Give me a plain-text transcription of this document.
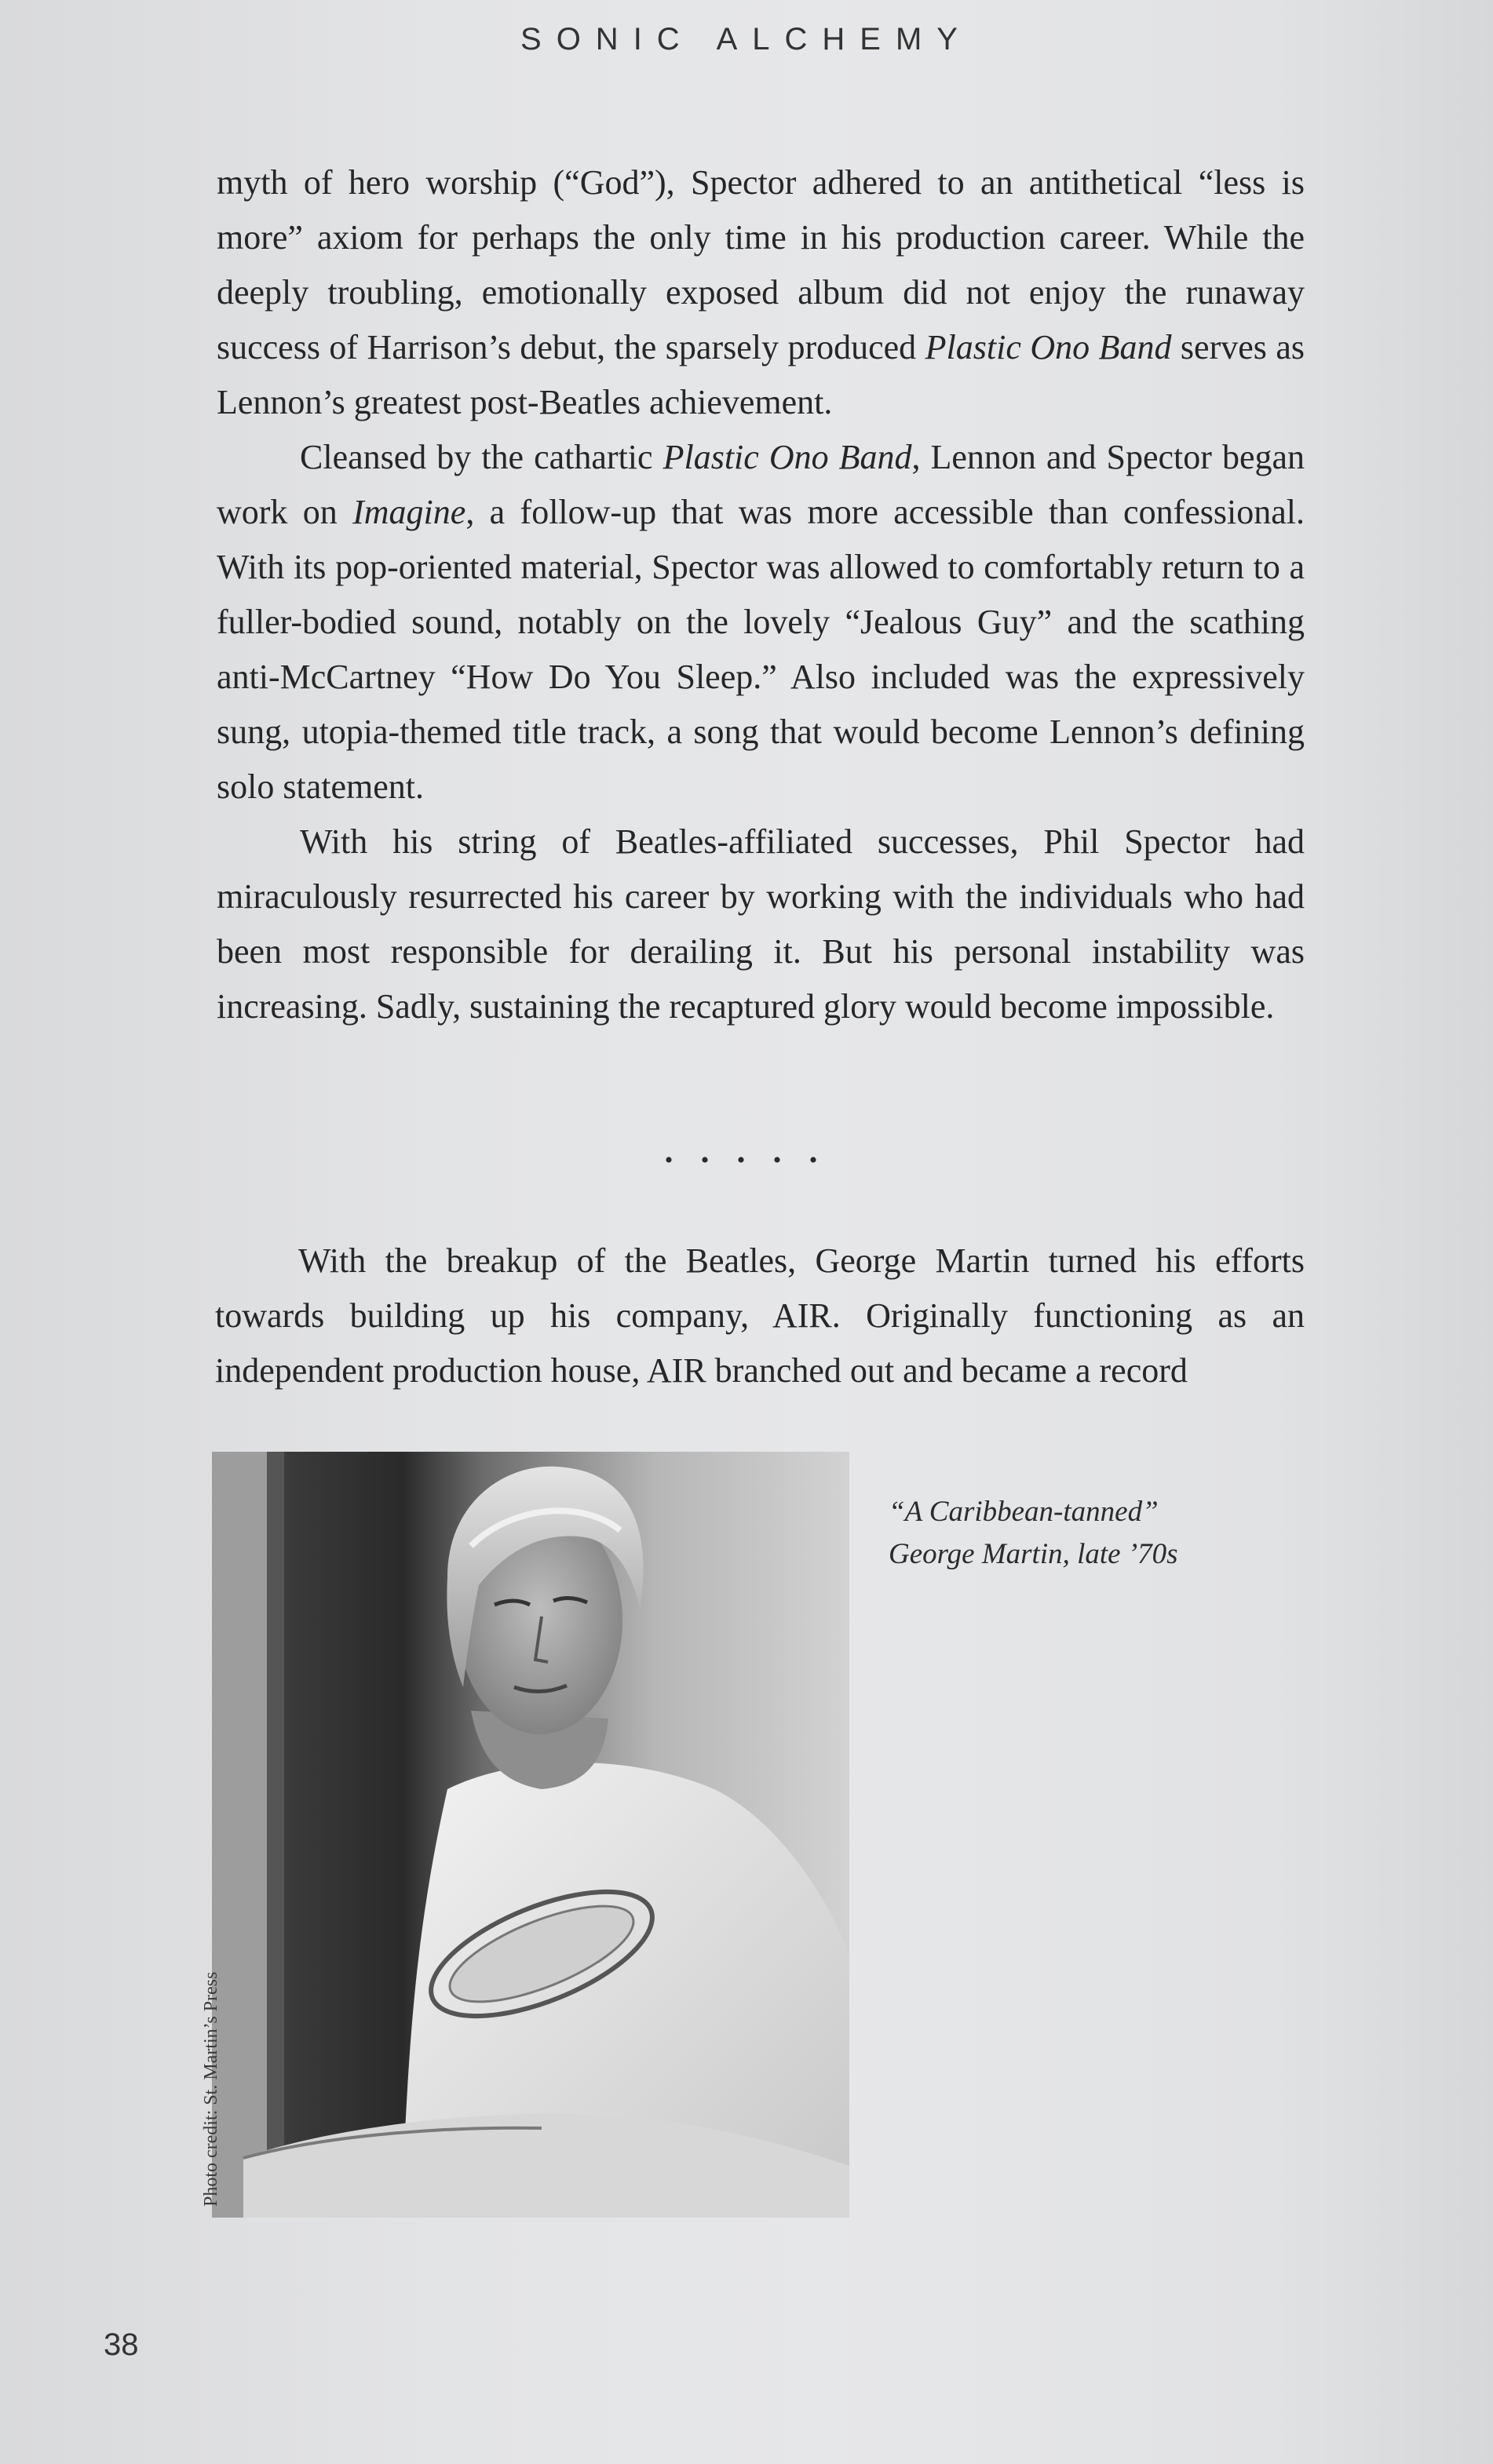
SONIC ALCHEMY

myth of hero worship (“God”), Spector adhered to an antithetical “less is more” axiom for perhaps the only time in his production career. While the deeply troubling, emotionally exposed album did not enjoy the runaway success of Harrison’s debut, the sparsely produced Plastic Ono Band serves as Lennon’s greatest post-Beatles achievement.

Cleansed by the cathartic Plastic Ono Band, Lennon and Spector began work on Imagine, a follow-up that was more accessible than confessional. With its pop-oriented material, Spector was allowed to comfortably return to a fuller-bodied sound, notably on the lovely “Jealous Guy” and the scathing anti-McCartney “How Do You Sleep.” Also included was the expressively sung, utopia-themed title track, a song that would become Lennon’s defining solo statement.

With his string of Beatles-affiliated successes, Phil Spector had miraculously resurrected his career by working with the individuals who had been most responsible for derailing it. But his personal instability was increasing. Sadly, sustaining the recaptured glory would become impossible.

• • • • •

With the breakup of the Beatles, George Martin turned his efforts towards building up his company, AIR. Originally functioning as an independent production house, AIR branched out and became a record

“A Caribbean-tanned”
George Martin, late ’70s
Photo credit: St. Martin’s Press
38
